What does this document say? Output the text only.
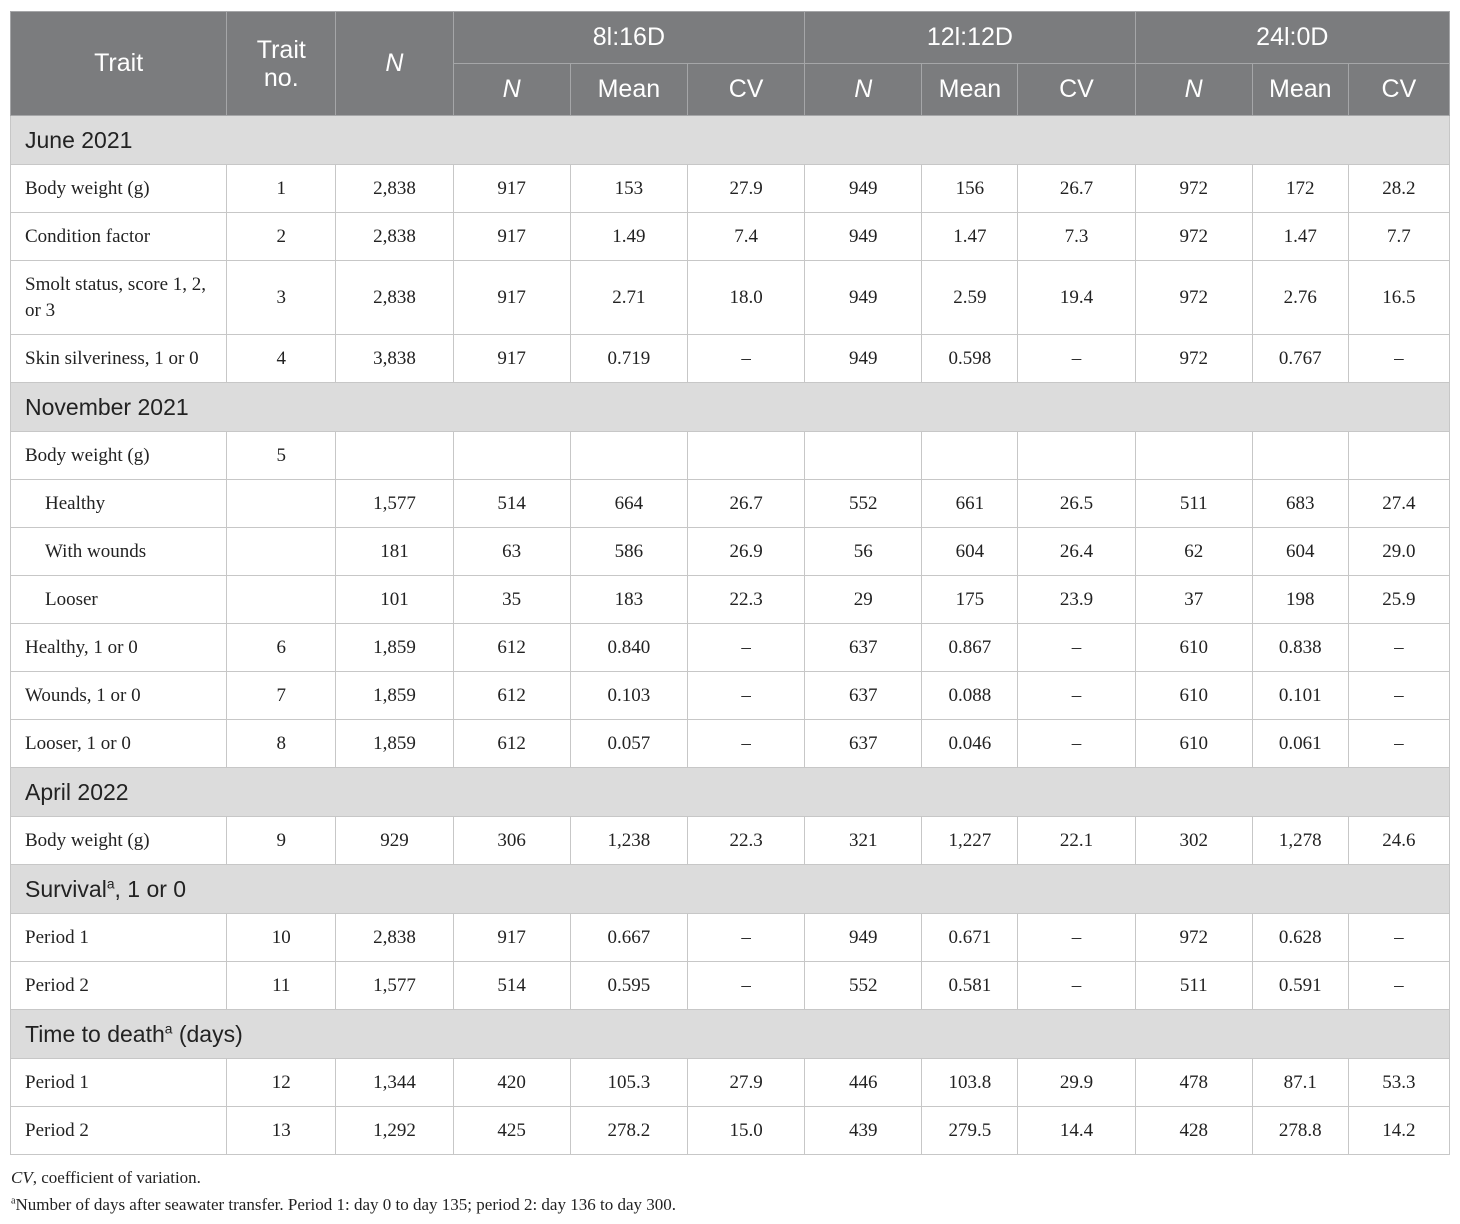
Trait	Trait no.	N	8l:16D			12l:12D			24l:0D		
			N	Mean	CV	N	Mean	CV	N	Mean	CV
June 2021											
Body weight (g)	1	2,838	917	153	27.9	949	156	26.7	972	172	28.2
Condition factor	2	2,838	917	1.49	7.4	949	1.47	7.3	972	1.47	7.7
Smolt status, score 1, 2, or 3	3	2,838	917	2.71	18.0	949	2.59	19.4	972	2.76	16.5
Skin silveriness, 1 or 0	4	3,838	917	0.719	–	949	0.598	–	972	0.767	–
November 2021											
Body weight (g)	5										
Healthy		1,577	514	664	26.7	552	661	26.5	511	683	27.4
With wounds		181	63	586	26.9	56	604	26.4	62	604	29.0
Looser		101	35	183	22.3	29	175	23.9	37	198	25.9
Healthy, 1 or 0	6	1,859	612	0.840	–	637	0.867	–	610	0.838	–
Wounds, 1 or 0	7	1,859	612	0.103	–	637	0.088	–	610	0.101	–
Looser, 1 or 0	8	1,859	612	0.057	–	637	0.046	–	610	0.061	–
April 2022											
Body weight (g)	9	929	306	1,238	22.3	321	1,227	22.1	302	1,278	24.6
Survival$^a$, 1 or 0											
Period 1	10	2,838	917	0.667	–	949	0.671	–	972	0.628	–
Period 2	11	1,577	514	0.595	–	552	0.581	–	511	0.591	–
Time to death$^a$ (days)											
Period 1	12	1,344	420	105.3	27.9	446	103.8	29.9	478	87.1	53.3
Period 2	13	1,292	425	278.2	15.0	439	279.5	14.4	428	278.8	14.2
CV, coefficient of variation.
$^a$Number of days after seawater transfer. Period 1: day 0 to day 135; period 2: day 136 to day 300.
